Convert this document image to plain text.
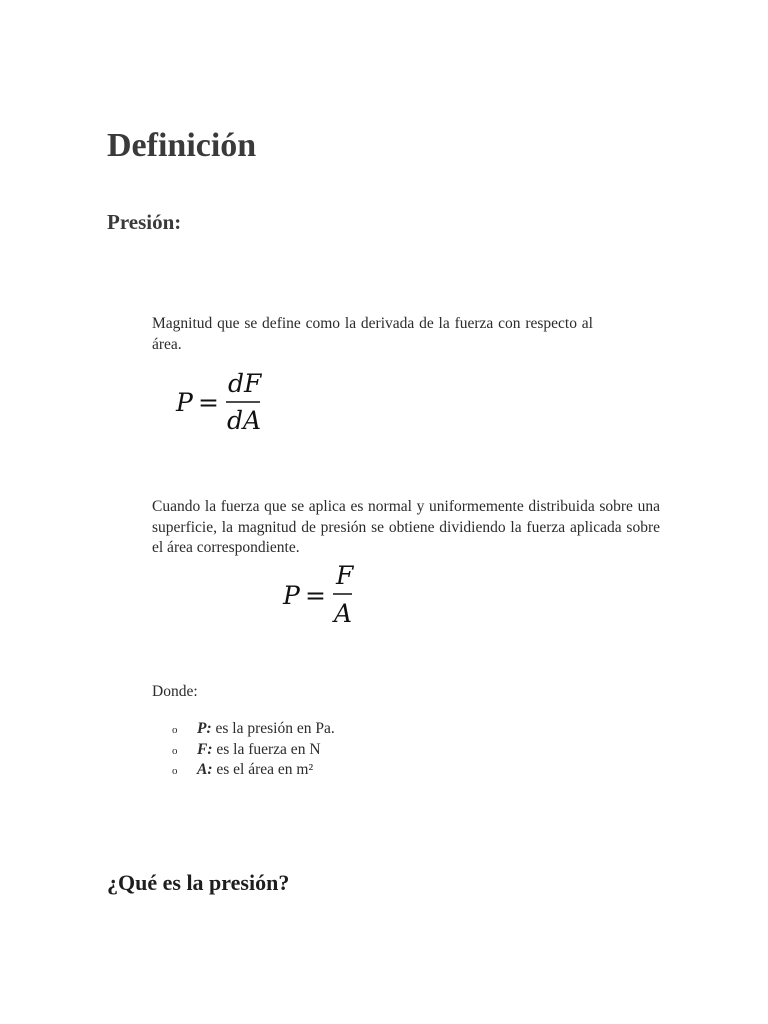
Definición
Presión:

Magnitud que se define como la derivada de la fuerza con respecto al área.

P =
dF
dA

Cuando la fuerza que se aplica es normal y uniformemente distribuida sobre una superficie, la magnitud de presión se obtiene dividiendo la fuerza aplicada sobre el área correspondiente.

P =
F
A
Donde:
o P: es la presión en Pa.
o F: es la fuerza en N
o A: es el área en m²
¿Qué es la presión?
